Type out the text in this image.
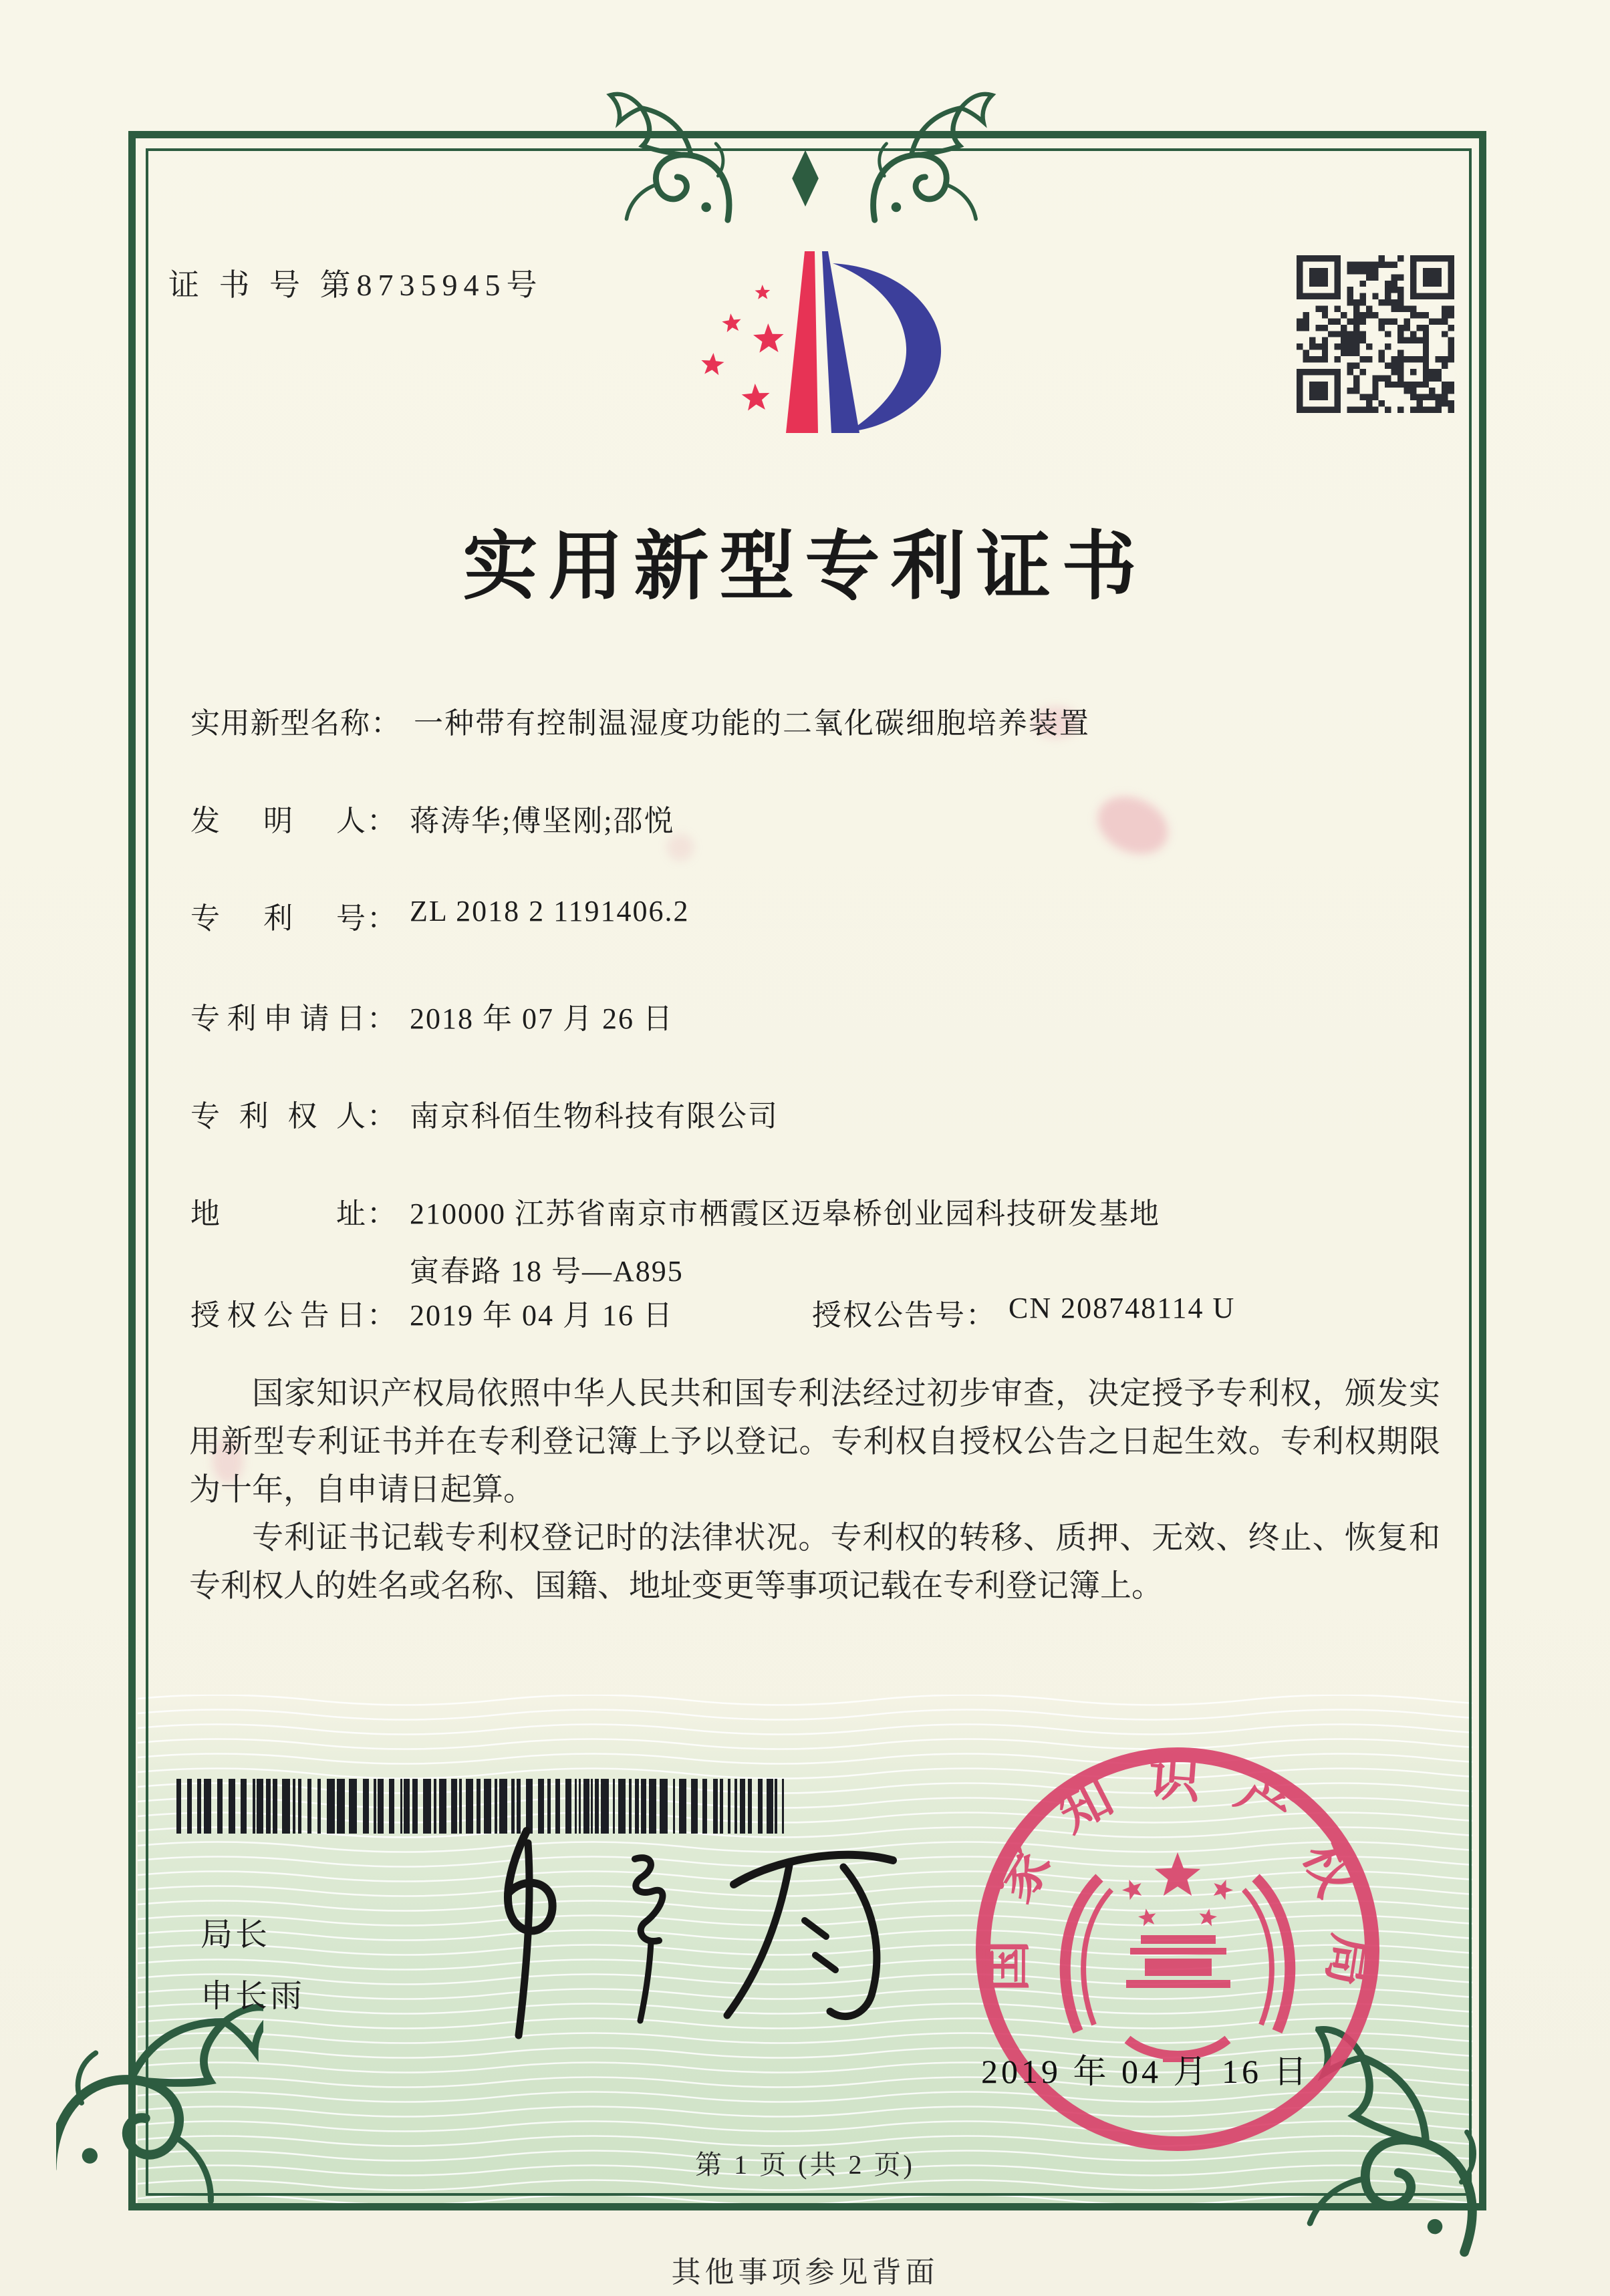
证 书 号 第8735945号
实用新型专利证书
实用新型名称： 一种带有控制温湿度功能的二氧化碳细胞培养装置
发明人： 蒋涛华;傅坚刚;邵悦
专利号： ZL 2018 2 1191406.2
专利申请日： 2018 年 07 月 26 日
专利权人： 南京科佰生物科技有限公司
地址： 210000 江苏省南京市栖霞区迈皋桥创业园科技研发基地
寅春路 18 号—A895
授权公告日： 2019 年 04 月 16 日	授权公告号： CN 208748114 U

国家知识产权局依照中华人民共和国专利法经过初步审查，决定授予专利权，颁发实用新型专利证书并在专利登记簿上予以登记。专利权自授权公告之日起生效。专利权期限为十年，自申请日起算。

专利证书记载专利权登记时的法律状况。专利权的转移、质押、无效、终止、恢复和专利权人的姓名或名称、国籍、地址变更等事项记载在专利登记簿上。

局长
申长雨
国家知识产权局
2019 年 04 月 16 日
第 1 页 (共 2 页)
其他事项参见背面
